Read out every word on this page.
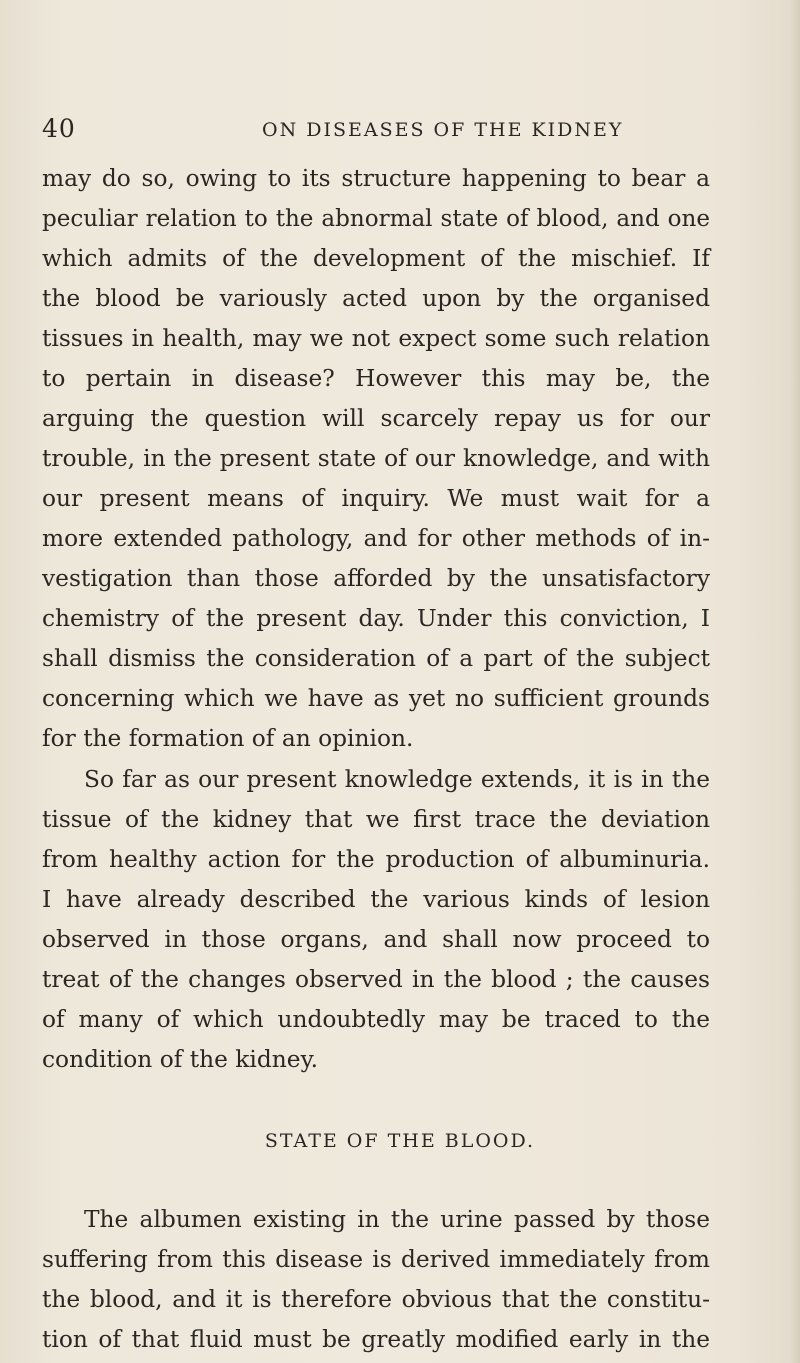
40	ON DISEASES OF THE KIDNEY
may do so, owing to its structure happening to bear a
peculiar relation to the abnormal state of blood, and one
which admits of the development of the mischief. If
the blood be variously acted upon by the organised
tissues in health, may we not expect some such relation
to pertain in disease? However this may be, the
arguing the question will scarcely repay us for our
trouble, in the present state of our knowledge, and with
our present means of inquiry. We must wait for a
more extended pathology, and for other methods of in-
vestigation than those afforded by the unsatisfactory
chemistry of the present day. Under this conviction, I
shall dismiss the consideration of a part of the subject
concerning which we have as yet no sufficient grounds
for the formation of an opinion.
So far as our present knowledge extends, it is in the
tissue of the kidney that we first trace the deviation
from healthy action for the production of albuminuria.
I have already described the various kinds of lesion
observed in those organs, and shall now proceed to
treat of the changes observed in the blood ; the causes
of many of which undoubtedly may be traced to the
condition of the kidney.
STATE OF THE BLOOD.
The albumen existing in the urine passed by those
suffering from this disease is derived immediately from
the blood, and it is therefore obvious that the constitu-
tion of that fluid must be greatly modified early in the
